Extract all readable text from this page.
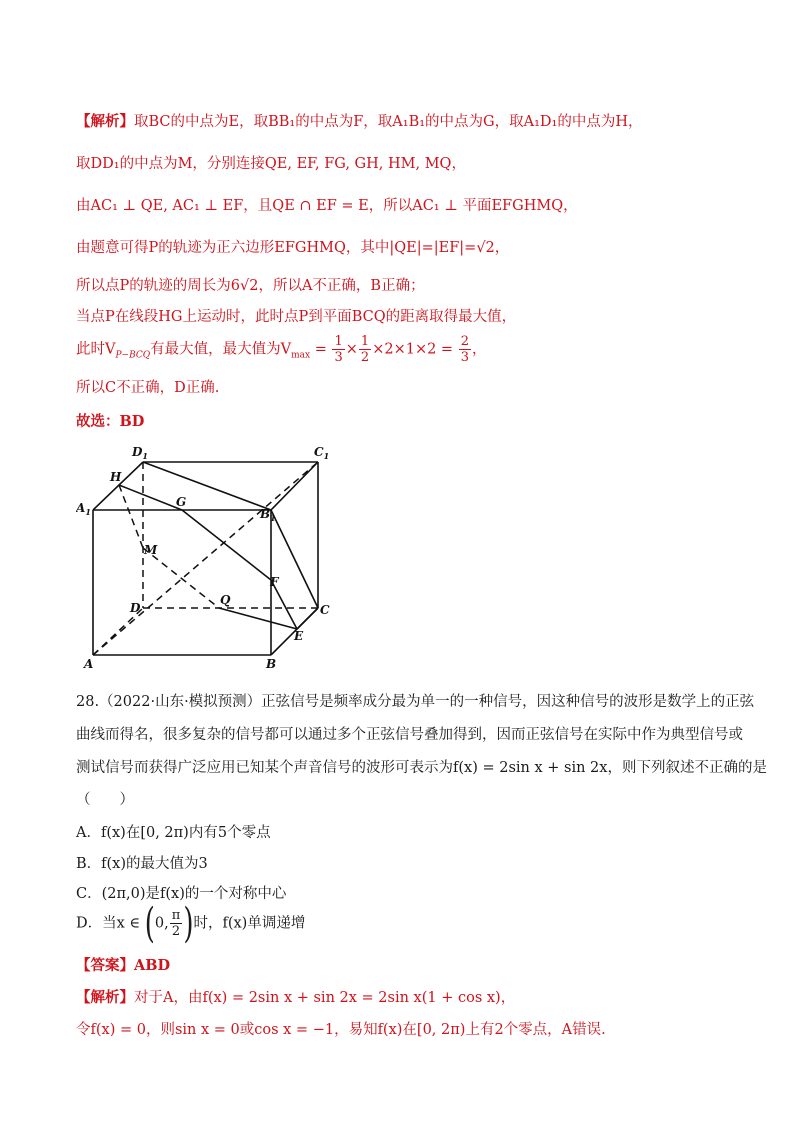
【解析】取BC的中点为E，取BB₁的中点为F，取A₁B₁的中点为G，取A₁D₁的中点为H，
取DD₁的中点为M，分别连接QE, EF, FG, GH, HM, MQ，
由AC₁ ⊥ QE, AC₁ ⊥ EF，且QE ∩ EF = E，所以AC₁ ⊥ 平面EFGHMQ，
由题意可得P的轨迹为正六边形EFGHMQ，其中|QE|=|EF|=√2，
所以点P的轨迹的周长为6√2，所以A不正确，B正确；
当点P在线段HG上运动时，此时点P到平面BCQ的距离取得最大值，
此时$V_{P-BCQ}$有最大值，最大值为$V_{max} = \frac{1}{3} \times \frac{1}{2} \times 2\times 1\times 2 = \frac{2}{3}$ ，
所以C不正确，D正确.
故选：BD
$D_1$	$C_1$
H
$A_1$
G
$B_1$
M
F
D
Q
C
E
A	B
28.（2022·山东·模拟预测）正弦信号是频率成分最为单一的一种信号，因这种信号的波形是数学上的正弦
曲线而得名，很多复杂的信号都可以通过多个正弦信号叠加得到，因而正弦信号在实际中作为典型信号或
测试信号而获得广泛应用已知某个声音信号的波形可表示为f(x) = 2sin x + sin 2x，则下列叙述不正确的是
（　　）
A．f(x)在[0, 2π)内有5个零点
B．f(x)的最大值为3
C．(2π,0)是f(x)的一个对称中心
D．当x ∈ (0, $\frac{\pi}{2}$ )时，f(x)单调递增
【答案】ABD
【解析】对于A，由f(x) = 2sin x + sin 2x = 2sin x(1 + cos x)，
令f(x) = 0，则sin x = 0或cos x = −1，易知f(x)在[0, 2π)上有2个零点，A错误.
